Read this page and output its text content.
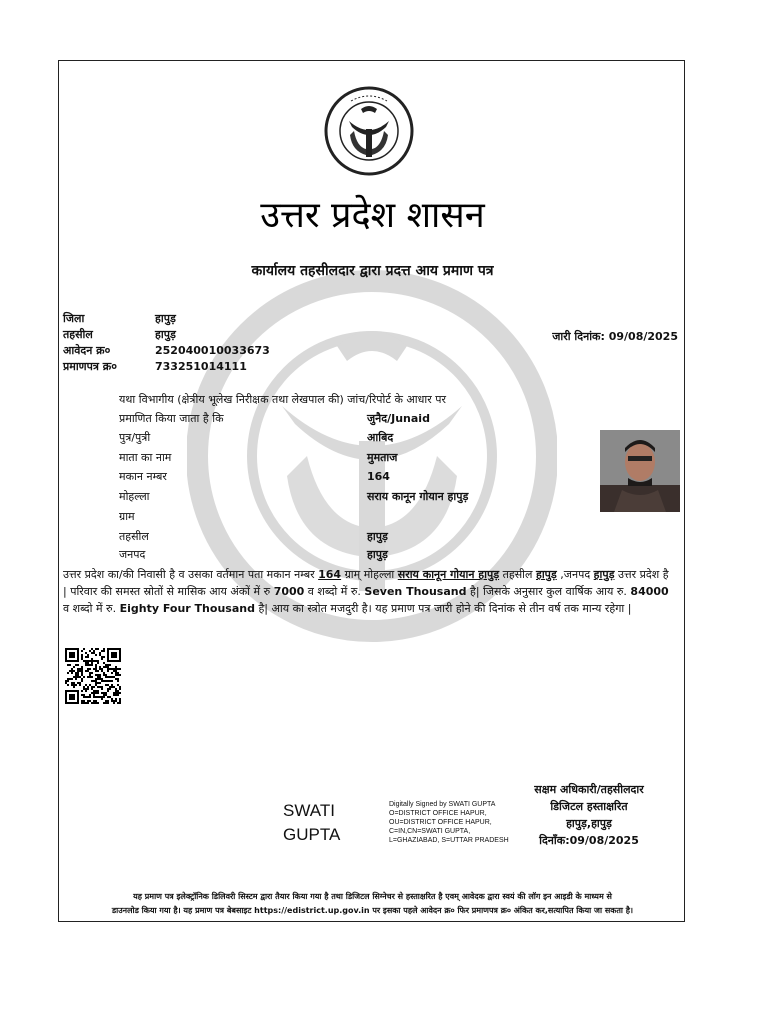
उत्तर प्रदेश शासन
कार्यालय तहसीलदार द्वारा प्रदत्त आय प्रमाण पत्र
जिला	हापुड़
तहसील	हापुड़
आवेदन क्र०	252040010033673
प्रमाणपत्र क्र०	733251014111
जारी दिनांक: 09/08/2025
यथा विभागीय (क्षेत्रीय भूलेख निरीक्षक तथा लेखपाल की) जांच/रिपोर्ट के आधार पर
प्रमाणित किया जाता है कि	जुनैद/Junaid
पुत्र/पुत्री	आबिद
माता का नाम	मुमताज
मकान नम्बर	164
मोहल्ला	सराय कानून गोयान हापुड़
ग्राम
तहसील	हापुड़
जनपद	हापुड़
उत्तर प्रदेश का/की निवासी है व उसका वर्तमान पता मकान नम्बर 164 ग्राम् मोहल्ला सराय कानून गोयान हापुड़ तहसील हापुड़ ,जनपद हापुड़ उत्तर प्रदेश है | परिवार की समस्त स्रोतों से मासिक आय अंकों में रु 7000 व शब्दो में रु. Seven Thousand है| जिसके अनुसार कुल वार्षिक आय रु. 84000 व शब्दो में रु. Eighty Four Thousand है| आय का स्त्रोत मजदुरी है। यह प्रमाण पत्र जारी होने की दिनांक से तीन वर्ष तक मान्य रहेगा |
SWATI
GUPTA
Digitally Signed by SWATI GUPTA O=DISTRICT OFFICE HAPUR, OU=DISTRICT OFFICE HAPUR, C=IN,CN=SWATI GUPTA, L=GHAZIABAD, S=UTTAR PRADESH
सक्षम अधिकारी/तहसीलदार
डिजिटल हस्ताक्षरित
हापुड़,हापुड़
दिनाँक:09/08/2025
यह प्रमाण पत्र इलेक्ट्रॉनिक डिलिवरी सिस्टम द्वारा तैयार किया गया है तथा डिजिटल सिग्नेचर से हस्ताक्षरित है एवम् आवेदक द्वारा स्वयं की लॉग इन आइडी के माध्यम से
डाउनलोड किया गया है। यह प्रमाण पत्र बेबसाइट https://edistrict.up.gov.in पर इसका पहले आवेदन क्र० फिर प्रमाणपत्र क्र० अंकित कर,सत्यापित किया जा सकता है।
